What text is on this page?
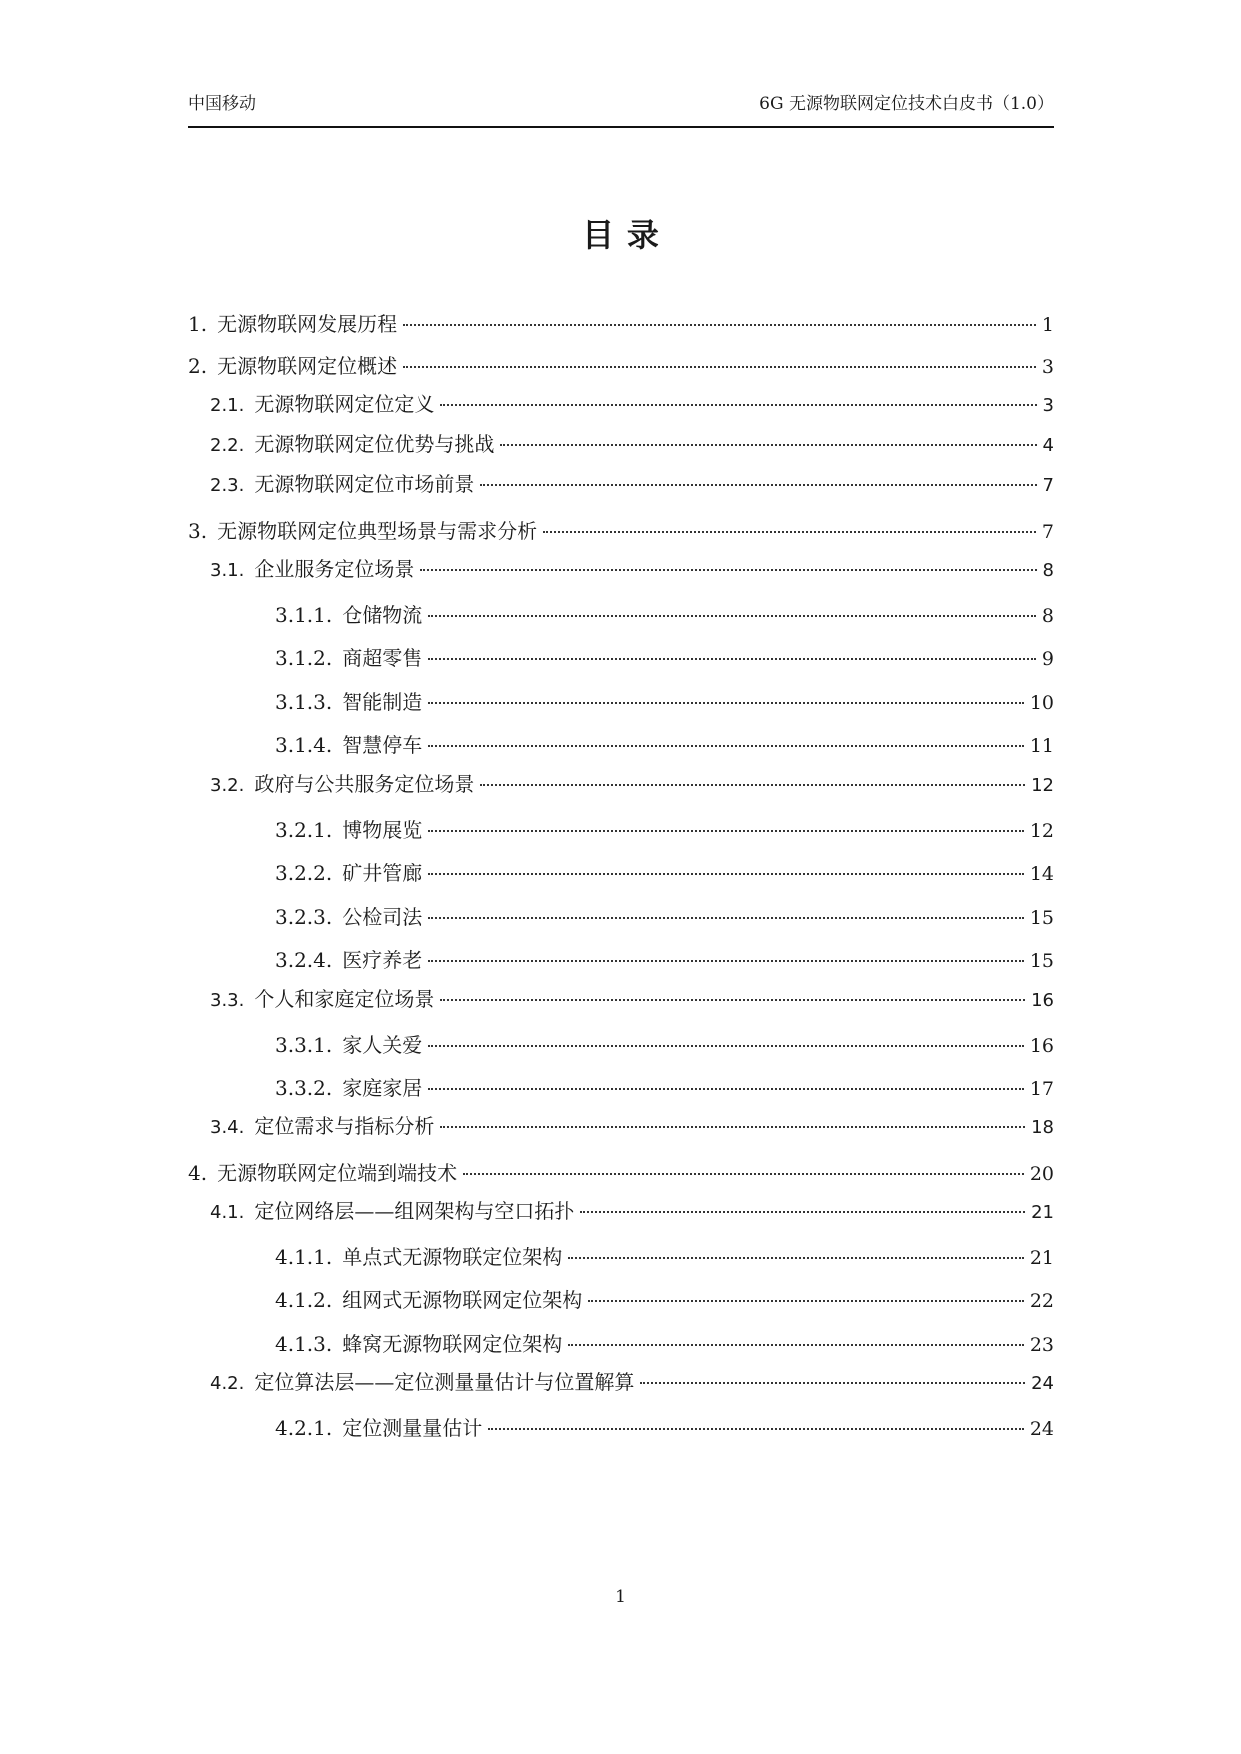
中国移动	6G 无源物联网定位技术白皮书（1.0）
目录
1. 无源物联网发展历程	1
2. 无源物联网定位概述	3
2.1. 无源物联网定位定义	3
2.2. 无源物联网定位优势与挑战	4
2.3. 无源物联网定位市场前景	7
3. 无源物联网定位典型场景与需求分析	7
3.1. 企业服务定位场景	8
3.1.1. 仓储物流	8
3.1.2. 商超零售	9
3.1.3. 智能制造	10
3.1.4. 智慧停车	11
3.2. 政府与公共服务定位场景	12
3.2.1. 博物展览	12
3.2.2. 矿井管廊	14
3.2.3. 公检司法	15
3.2.4. 医疗养老	15
3.3. 个人和家庭定位场景	16
3.3.1. 家人关爱	16
3.3.2. 家庭家居	17
3.4. 定位需求与指标分析	18
4. 无源物联网定位端到端技术	20
4.1. 定位网络层——组网架构与空口拓扑	21
4.1.1. 单点式无源物联定位架构	21
4.1.2. 组网式无源物联网定位架构	22
4.1.3. 蜂窝无源物联网定位架构	23
4.2. 定位算法层——定位测量量估计与位置解算	24
4.2.1. 定位测量量估计	24
1
